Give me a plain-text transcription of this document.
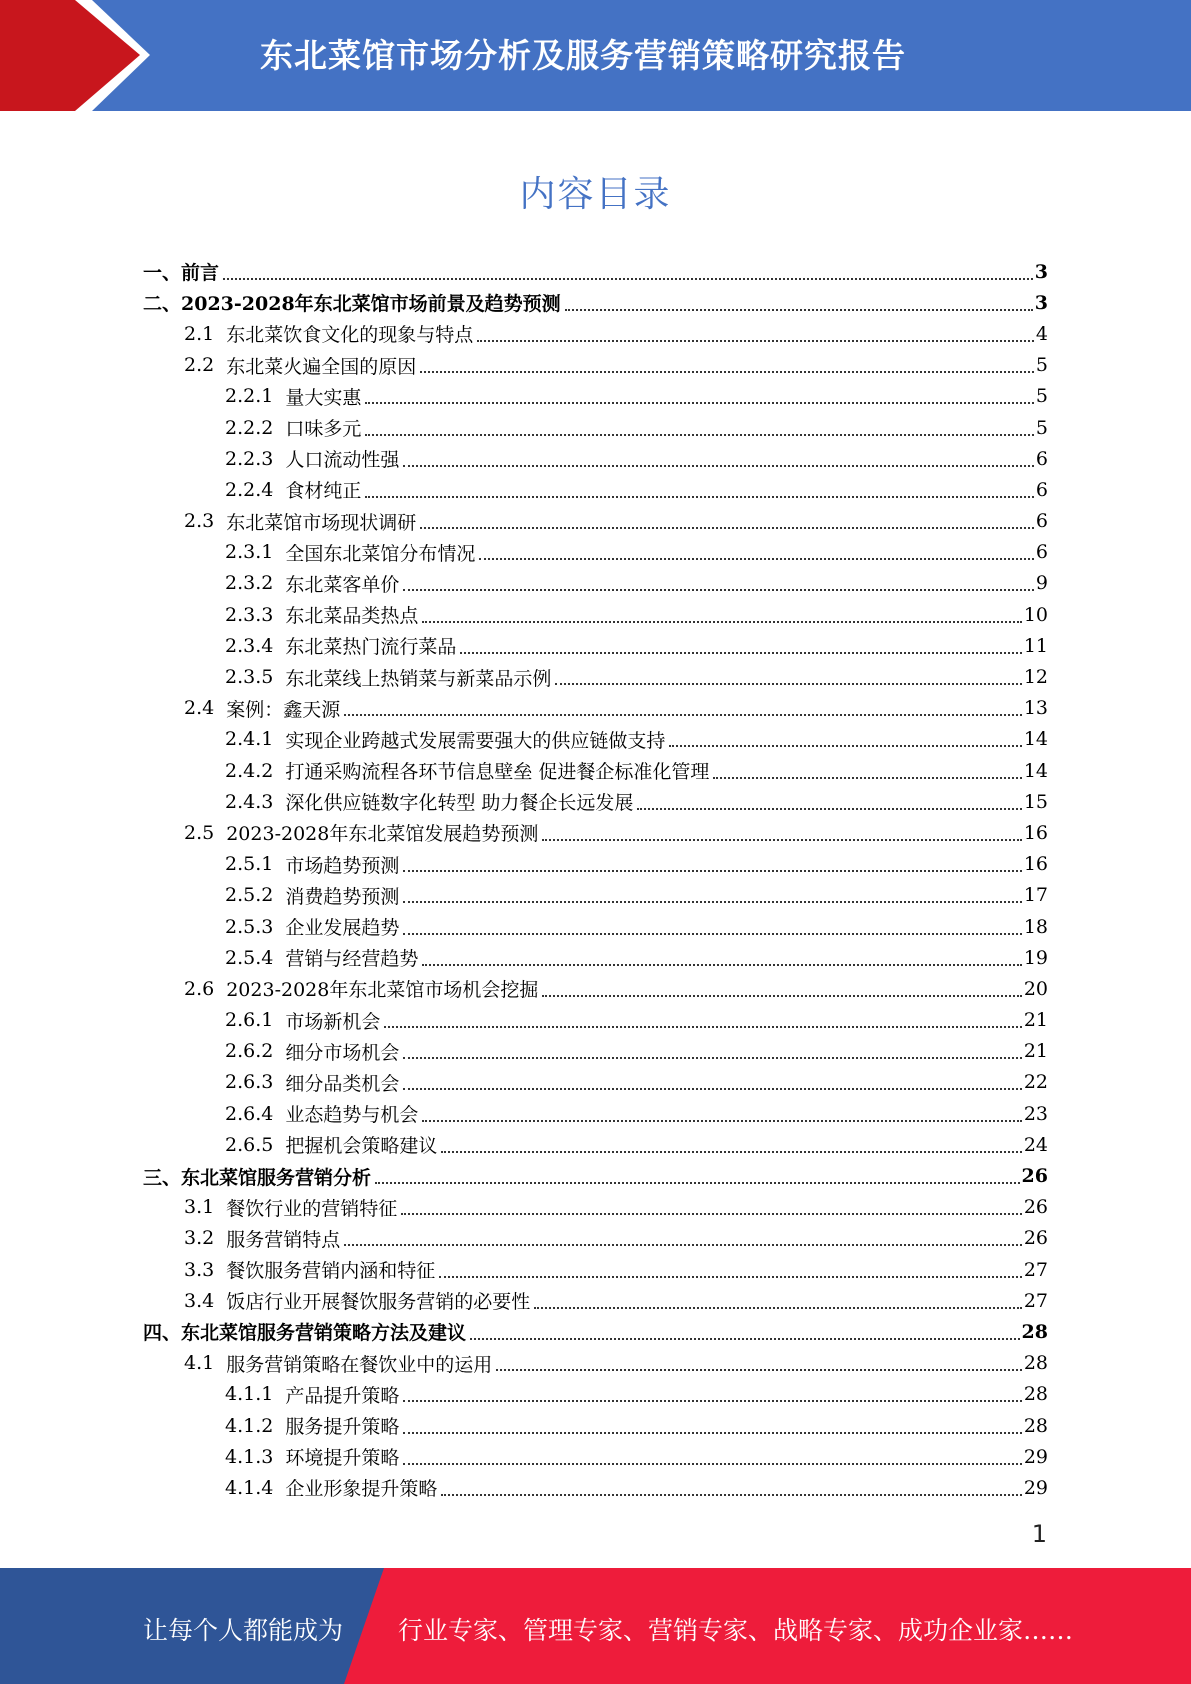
东北菜馆市场分析及服务营销策略研究报告
内容目录
一、 前言	3
二、 2023-2028年东北菜馆市场前景及趋势预测	3
2.1 东北菜饮食文化的现象与特点	4
2.2 东北菜火遍全国的原因	5
2.2.1 量大实惠	5
2.2.2 口味多元	5
2.2.3 人口流动性强	6
2.2.4 食材纯正	6
2.3 东北菜馆市场现状调研	6
2.3.1 全国东北菜馆分布情况	6
2.3.2 东北菜客单价	9
2.3.3 东北菜品类热点	10
2.3.4 东北菜热门流行菜品	11
2.3.5 东北菜线上热销菜与新菜品示例	12
2.4 案例：鑫天源	13
2.4.1 实现企业跨越式发展需要强大的供应链做支持	14
2.4.2 打通采购流程各环节信息壁垒 促进餐企标准化管理	14
2.4.3 深化供应链数字化转型 助力餐企长远发展	15
2.5 2023-2028年东北菜馆发展趋势预测	16
2.5.1 市场趋势预测	16
2.5.2 消费趋势预测	17
2.5.3 企业发展趋势	18
2.5.4 营销与经营趋势	19
2.6 2023-2028年东北菜馆市场机会挖掘	20
2.6.1 市场新机会	21
2.6.2 细分市场机会	21
2.6.3 细分品类机会	22
2.6.4 业态趋势与机会	23
2.6.5 把握机会策略建议	24
三、 东北菜馆服务营销分析	26
3.1 餐饮行业的营销特征	26
3.2 服务营销特点	26
3.3 餐饮服务营销内涵和特征	27
3.4 饭店行业开展餐饮服务营销的必要性	27
四、 东北菜馆服务营销策略方法及建议	28
4.1 服务营销策略在餐饮业中的运用	28
4.1.1 产品提升策略	28
4.1.2 服务提升策略	28
4.1.3 环境提升策略	29
4.1.4 企业形象提升策略	29
1
让每个人都能成为 行业专家、管理专家、营销专家、战略专家、成功企业家……
